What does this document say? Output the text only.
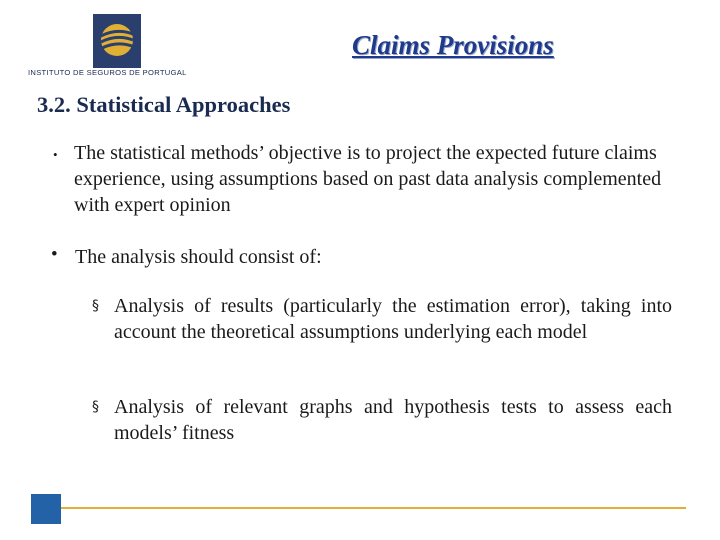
INSTITUTO DE SEGUROS DE PORTUGAL
Claims Provisions
3.2. Statistical Approaches
• The statistical methods’ objective is to project the expected future claims experience, using assumptions based on past data analysis complemented with expert opinion
• The analysis should consist of:
§ Analysis of results (particularly the estimation error), taking into account the theoretical assumptions underlying each model
§ Analysis of relevant graphs and hypothesis tests to assess each models’ fitness
